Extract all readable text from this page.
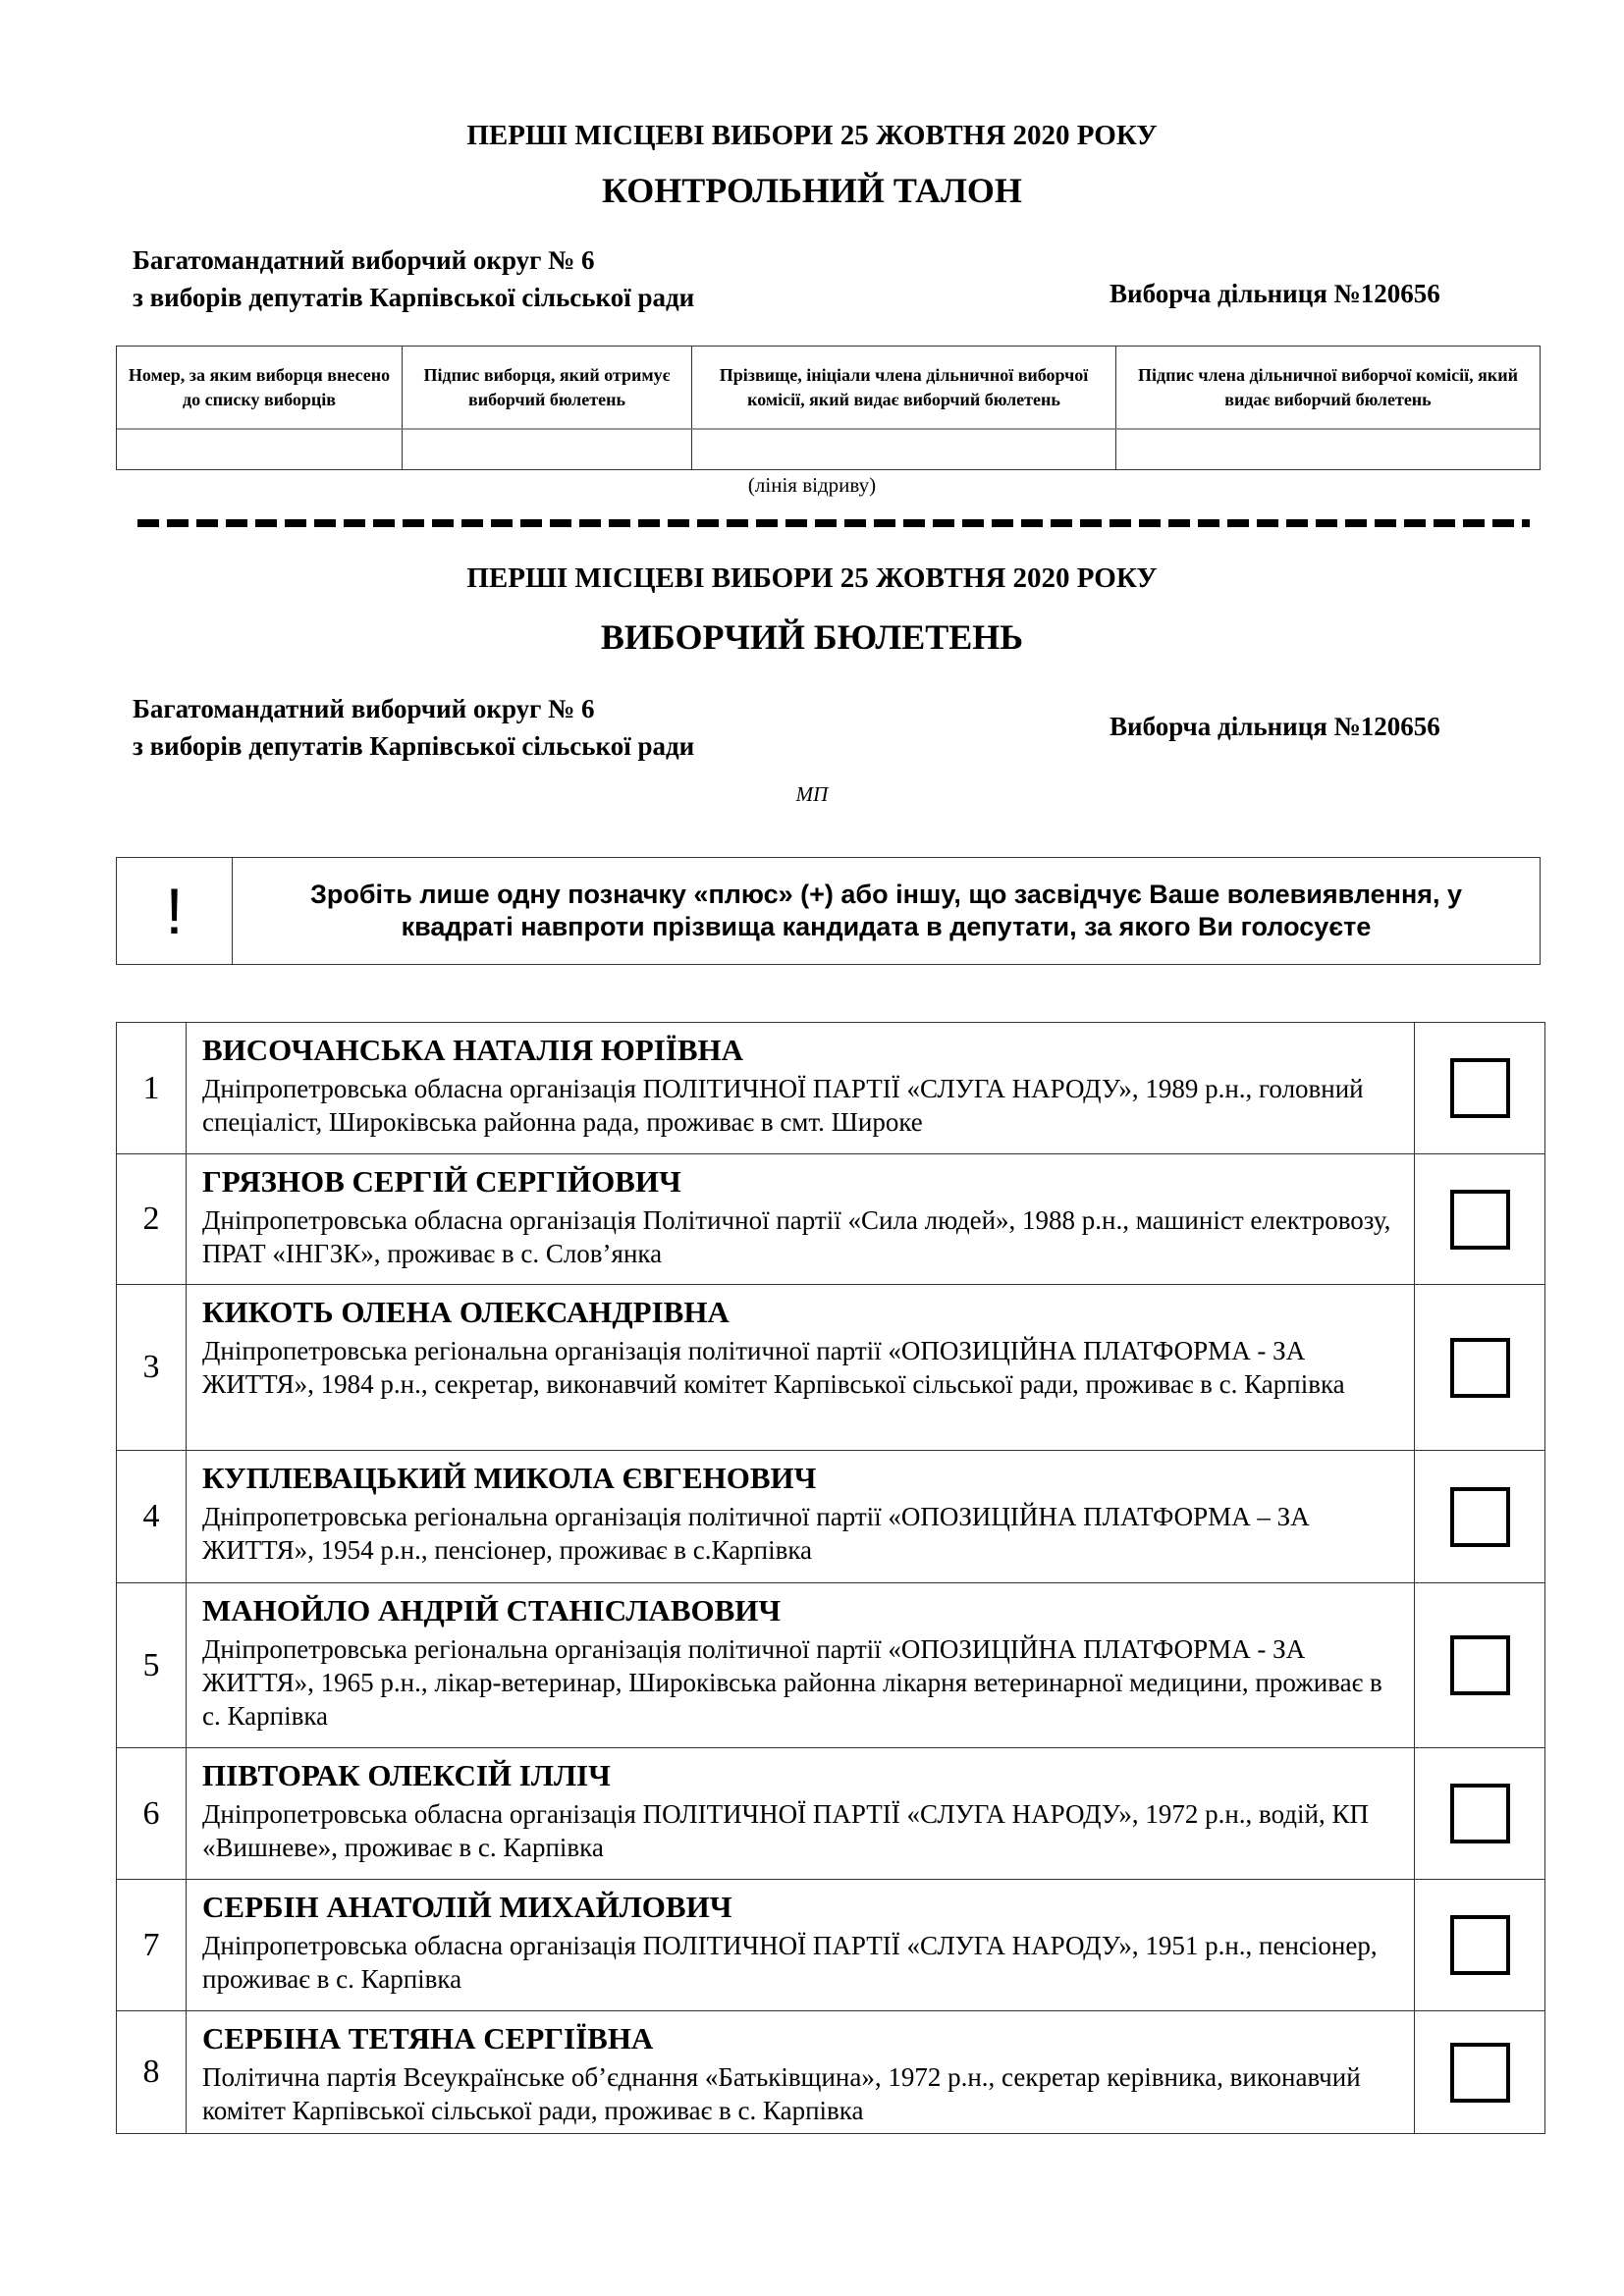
ПЕРШІ МІСЦЕВІ ВИБОРИ 25 ЖОВТНЯ 2020 РОКУ
КОНТРОЛЬНИЙ ТАЛОН
Багатомандатний виборчий округ № 6
з виборів депутатів Карпівської сільської ради	Виборча дільниця №120656
Номер, за яким виборця внесено до списку виборців
Підпис виборця, який отримує виборчий бюлетень
Прізвище, ініціали члена дільничної виборчої комісії, який видає виборчий бюлетень
Підпис члена дільничної виборчої комісії, який видає виборчий бюлетень
(лінія відриву)
ПЕРШІ МІСЦЕВІ ВИБОРИ 25 ЖОВТНЯ 2020 РОКУ
ВИБОРЧИЙ БЮЛЕТЕНЬ
Багатомандатний виборчий округ № 6
з виборів депутатів Карпівської сільської ради
Виборча дільниця №120656
МП
!	Зробіть лише одну позначку «плюс» (+) або іншу, що засвідчує Ваше волевиявлення, у квадраті навпроти прізвища кандидата в депутати, за якого Ви голосуєте
1
ВИСОЧАНСЬКА НАТАЛІЯ ЮРІЇВНА
Дніпропетровська обласна організація ПОЛІТИЧНОЇ ПАРТІЇ «СЛУГА НАРОДУ», 1989 р.н., головний спеціаліст, Широківська районна рада, проживає в смт. Широке
2
ГРЯЗНОВ СЕРГІЙ СЕРГІЙОВИЧ
Дніпропетровська обласна організація Політичної партії «Сила людей», 1988 р.н., машиніст електровозу, ПРАТ «ІНГЗК», проживає в с. Слов’янка
3
КИКОТЬ ОЛЕНА ОЛЕКСАНДРІВНА
Дніпропетровська регіональна організація політичної партії «ОПОЗИЦІЙНА ПЛАТФОРМА - ЗА ЖИТТЯ», 1984 р.н., секретар, виконавчий комітет Карпівської сільської ради, проживає в с. Карпівка
4
КУПЛЕВАЦЬКИЙ МИКОЛА ЄВГЕНОВИЧ
Дніпропетровська регіональна організація політичної партії «ОПОЗИЦІЙНА ПЛАТФОРМА – ЗА ЖИТТЯ», 1954 р.н., пенсіонер, проживає в с.Карпівка
5
МАНОЙЛО АНДРІЙ СТАНІСЛАВОВИЧ
Дніпропетровська регіональна організація політичної партії «ОПОЗИЦІЙНА ПЛАТФОРМА - ЗА ЖИТТЯ», 1965 р.н., лікар-ветеринар, Широківська районна лікарня ветеринарної медицини, проживає в с. Карпівка
6
ПІВТОРАК ОЛЕКСІЙ ІЛЛІЧ
Дніпропетровська обласна організація ПОЛІТИЧНОЇ ПАРТІЇ «СЛУГА НАРОДУ», 1972 р.н., водій, КП «Вишневе», проживає в с. Карпівка
7
СЕРБІН АНАТОЛІЙ МИХАЙЛОВИЧ
Дніпропетровська обласна організація ПОЛІТИЧНОЇ ПАРТІЇ «СЛУГА НАРОДУ», 1951 р.н., пенсіонер, проживає в с. Карпівка
8
СЕРБІНА ТЕТЯНА СЕРГІЇВНА
Політична партія Всеукраїнське об’єднання «Батьківщина», 1972 р.н., секретар керівника, виконавчий комітет Карпівської сільської ради, проживає в с. Карпівка
